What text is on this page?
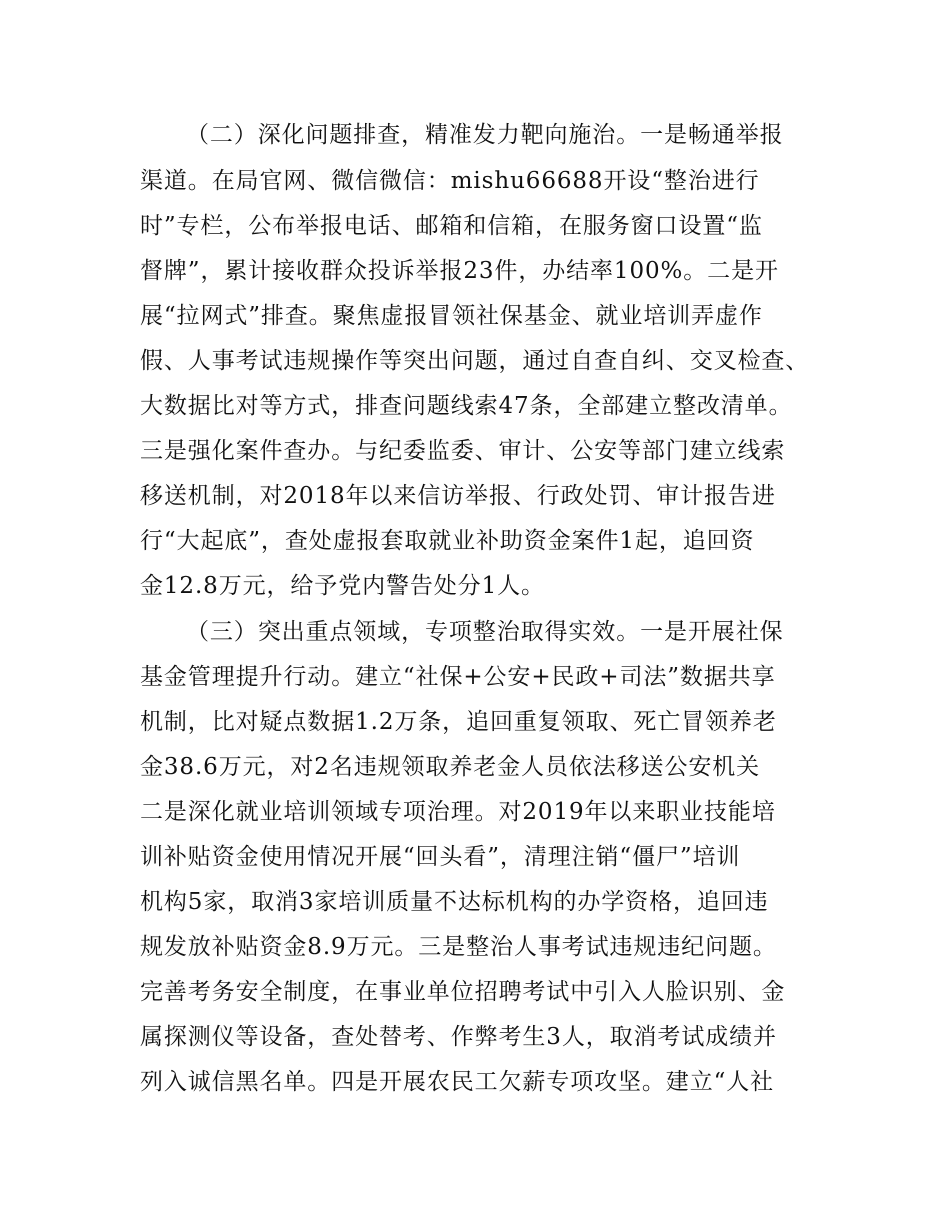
（二）深化问题排查，精准发力靶向施治。一是畅通举报
渠道。在局官网、微信微信：mishu66688开设“整治进行
时”专栏，公布举报电话、邮箱和信箱，在服务窗口设置“监
督牌”，累计接收群众投诉举报23件，办结率100%。二是开
展“拉网式”排查。聚焦虚报冒领社保基金、就业培训弄虚作
假、人事考试违规操作等突出问题，通过自查自纠、交叉检查、
大数据比对等方式，排查问题线索47条，全部建立整改清单。
三是强化案件查办。与纪委监委、审计、公安等部门建立线索
移送机制，对2018年以来信访举报、行政处罚、审计报告进
行“大起底”，查处虚报套取就业补助资金案件1起，追回资
金12.8万元，给予党内警告处分1人。
（三）突出重点领域，专项整治取得实效。一是开展社保
基金管理提升行动。建立“社保+公安+民政+司法”数据共享
机制，比对疑点数据1.2万条，追回重复领取、死亡冒领养老
金38.6万元，对2名违规领取养老金人员依法移送公安机关
二是深化就业培训领域专项治理。对2019年以来职业技能培
训补贴资金使用情况开展“回头看”，清理注销“僵尸”培训
机构5家，取消3家培训质量不达标机构的办学资格，追回违
规发放补贴资金8.9万元。三是整治人事考试违规违纪问题。
完善考务安全制度，在事业单位招聘考试中引入人脸识别、金
属探测仪等设备，查处替考、作弊考生3人，取消考试成绩并
列入诚信黑名单。四是开展农民工欠薪专项攻坚。建立“人社
